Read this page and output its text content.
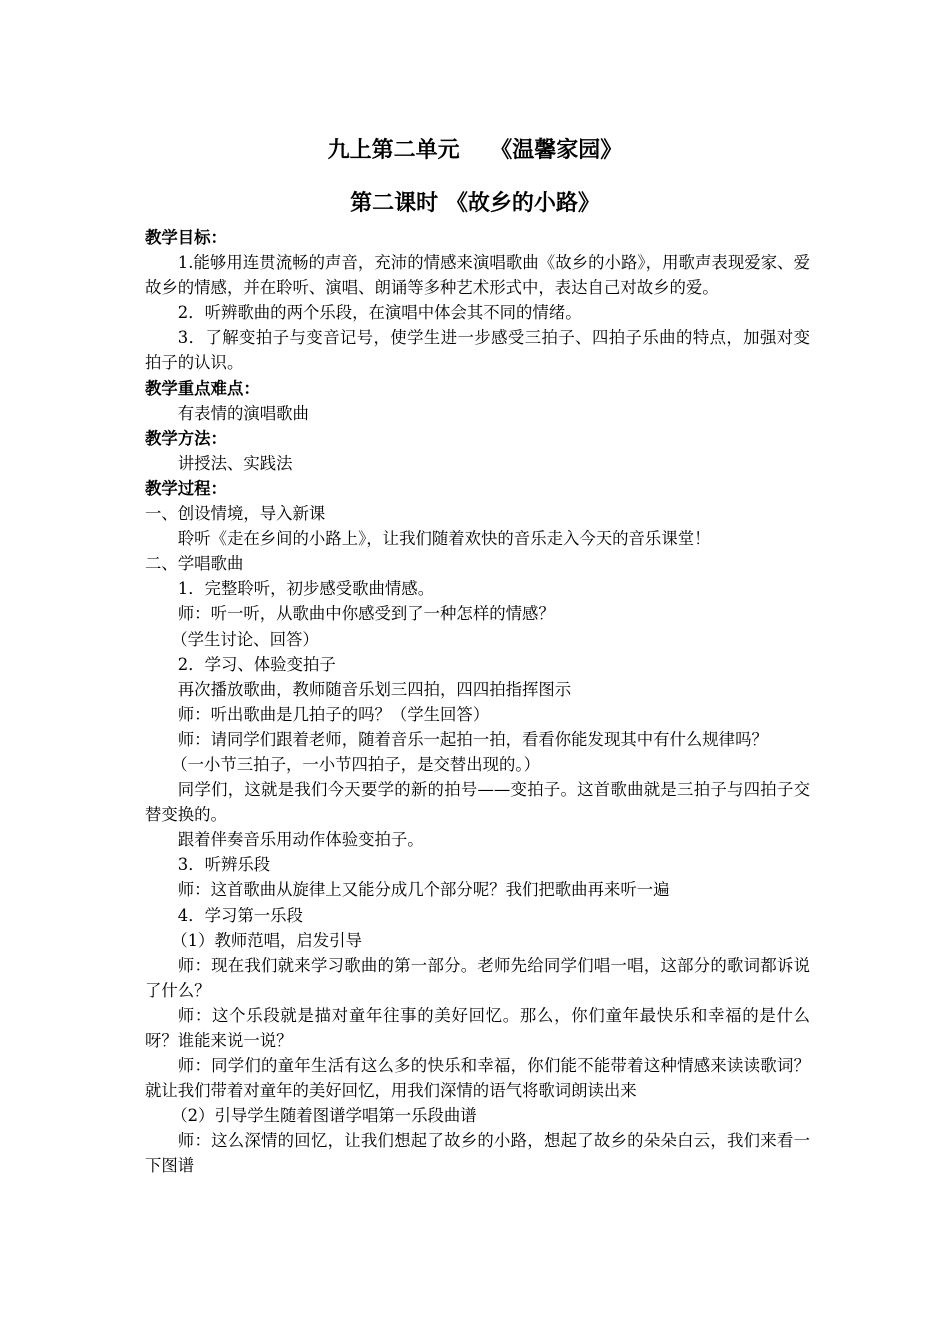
九上第二单元    《温馨家园》
第二课时 《故乡的小路》

教学目标：

1.能够用连贯流畅的声音，充沛的情感来演唱歌曲《故乡的小路》，用歌声表现爱家、爱故乡的情感，并在聆听、演唱、朗诵等多种艺术形式中，表达自己对故乡的爱。

2．听辨歌曲的两个乐段，在演唱中体会其不同的情绪。

3．了解变拍子与变音记号，使学生进一步感受三拍子、四拍子乐曲的特点，加强对变拍子的认识。

教学重点难点：

有表情的演唱歌曲

教学方法：

讲授法、实践法

教学过程：

一、创设情境，导入新课

聆听《走在乡间的小路上》，让我们随着欢快的音乐走入今天的音乐课堂！

二、学唱歌曲

1．完整聆听，初步感受歌曲情感。

师：听一听，从歌曲中你感受到了一种怎样的情感？

（学生讨论、回答）

2．学习、体验变拍子

再次播放歌曲，教师随音乐划三四拍，四四拍指挥图示

师：听出歌曲是几拍子的吗？（学生回答）

师：请同学们跟着老师，随着音乐一起拍一拍，看看你能发现其中有什么规律吗？

（一小节三拍子，一小节四拍子，是交替出现的。）

同学们，这就是我们今天要学的新的拍号——变拍子。这首歌曲就是三拍子与四拍子交替变换的。

跟着伴奏音乐用动作体验变拍子。

3．听辨乐段

师：这首歌曲从旋律上又能分成几个部分呢？我们把歌曲再来听一遍

4．学习第一乐段

（1）教师范唱，启发引导

师：现在我们就来学习歌曲的第一部分。老师先给同学们唱一唱，这部分的歌词都诉说了什么？

师：这个乐段就是描对童年往事的美好回忆。那么，你们童年最快乐和幸福的是什么呀？谁能来说一说？

师：同学们的童年生活有这么多的快乐和幸福，你们能不能带着这种情感来读读歌词？就让我们带着对童年的美好回忆，用我们深情的语气将歌词朗读出来

（2）引导学生随着图谱学唱第一乐段曲谱

师：这么深情的回忆，让我们想起了故乡的小路，想起了故乡的朵朵白云，我们来看一下图谱
